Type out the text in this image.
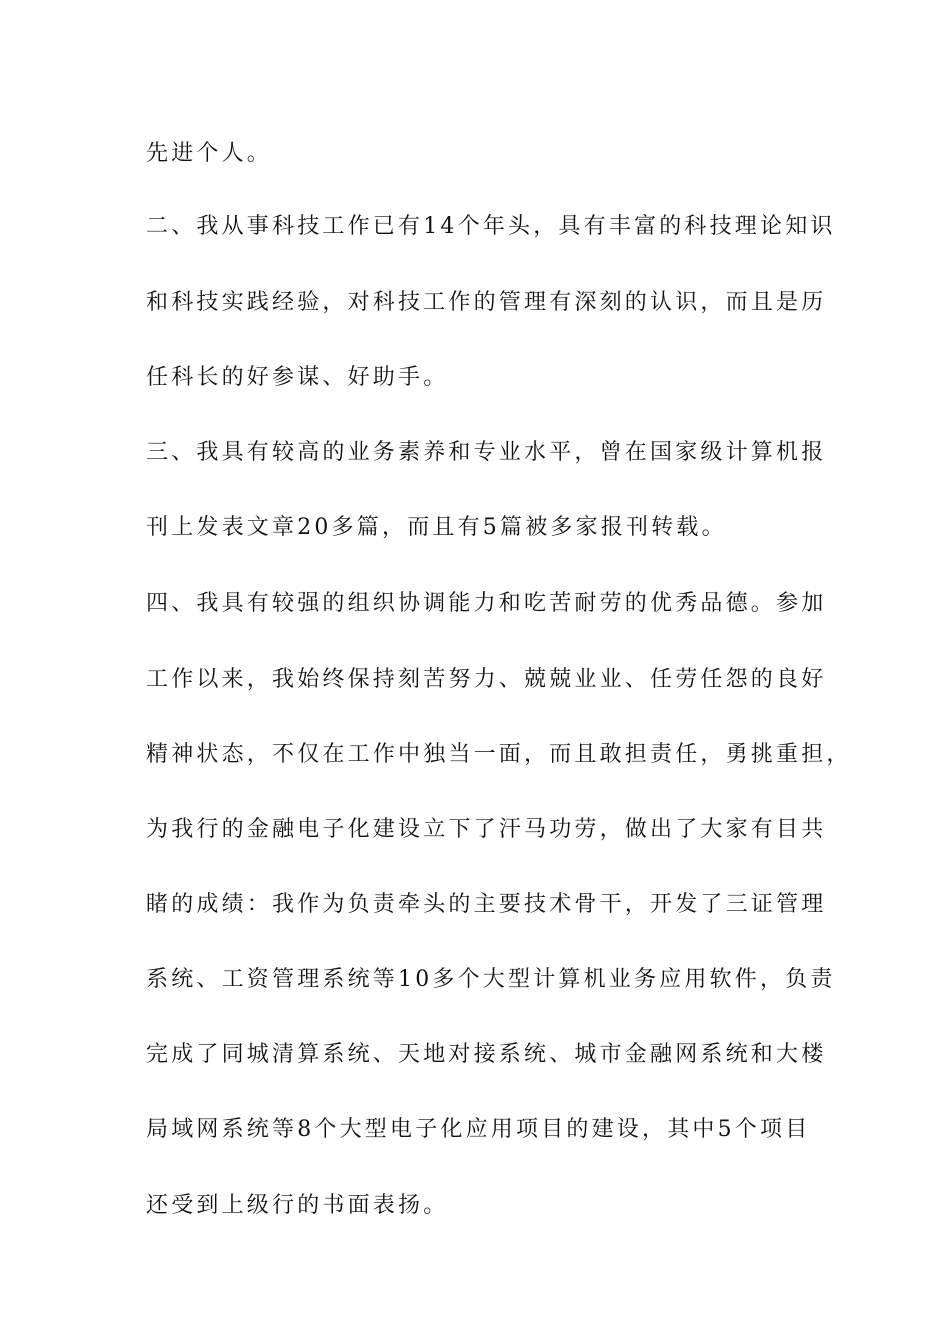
先进个人。
二、我从事科技工作已有14个年头，具有丰富的科技理论知识
和科技实践经验，对科技工作的管理有深刻的认识，而且是历
任科长的好参谋、好助手。
三、我具有较高的业务素养和专业水平，曾在国家级计算机报
刊上发表文章20多篇，而且有5篇被多家报刊转载。
四、我具有较强的组织协调能力和吃苦耐劳的优秀品德。参加
工作以来，我始终保持刻苦努力、兢兢业业、任劳任怨的良好
精神状态，不仅在工作中独当一面，而且敢担责任，勇挑重担，
为我行的金融电子化建设立下了汗马功劳，做出了大家有目共
睹的成绩：我作为负责牵头的主要技术骨干，开发了三证管理
系统、工资管理系统等10多个大型计算机业务应用软件，负责
完成了同城清算系统、天地对接系统、城市金融网系统和大楼
局域网系统等8个大型电子化应用项目的建设，其中5个项目
还受到上级行的书面表扬。
